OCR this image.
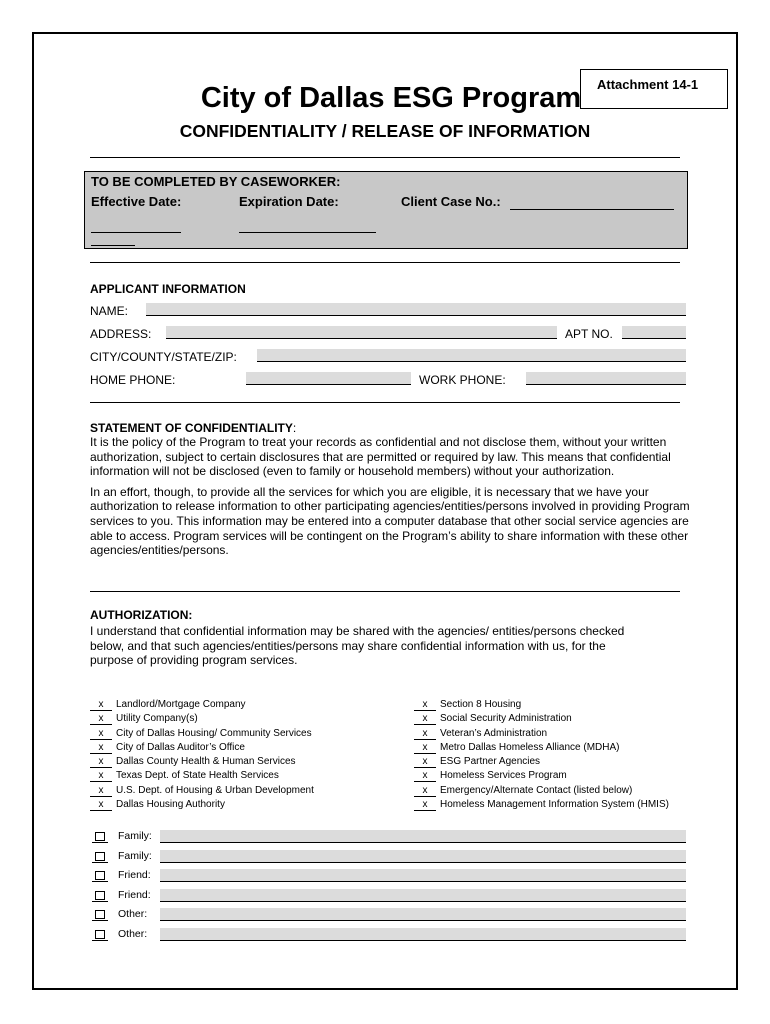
Attachment 14-1
City of Dallas ESG Program
CONFIDENTIALITY / RELEASE OF INFORMATION
TO BE COMPLETED BY CASEWORKER:
Effective Date:	Expiration Date:	Client Case No.:
APPLICANT INFORMATION
NAME:
ADDRESS:	APT NO.
CITY/COUNTY/STATE/ZIP:
HOME PHONE:	WORK PHONE:
STATEMENT OF CONFIDENTIALITY:

It is the policy of the Program to treat your records as confidential and not disclose them, without your written authorization, subject to certain disclosures that are permitted or required by law. This means that confidential information will not be disclosed (even to family or household members) without your authorization.

In an effort, though, to provide all the services for which you are eligible, it is necessary that we have your authorization to release information to other participating agencies/entities/persons involved in providing Program services to you. This information may be entered into a computer database that other social service agencies are able to access. Program services will be contingent on the Program’s ability to share information with these other agencies/entities/persons.

AUTHORIZATION:
I understand that confidential information may be shared with the agencies/ entities/persons checked below, and that such agencies/entities/persons may share confidential information with us, for the purpose of providing program services.
x Landlord/Mortgage Company
x Utility Company(s)
x City of Dallas Housing/ Community Services
x City of Dallas Auditor’s Office
x Dallas County Health & Human Services
x Texas Dept. of State Health Services
x U.S. Dept. of Housing & Urban Development
x Dallas Housing Authority
x Section 8 Housing
x Social Security Administration
x Veteran’s Administration
x Metro Dallas Homeless Alliance (MDHA)
x ESG Partner Agencies
x Homeless Services Program
x Emergency/Alternate Contact (listed below)
x Homeless Management Information System (HMIS)
Family:
Family:
Friend:
Friend:
Other:
Other:
